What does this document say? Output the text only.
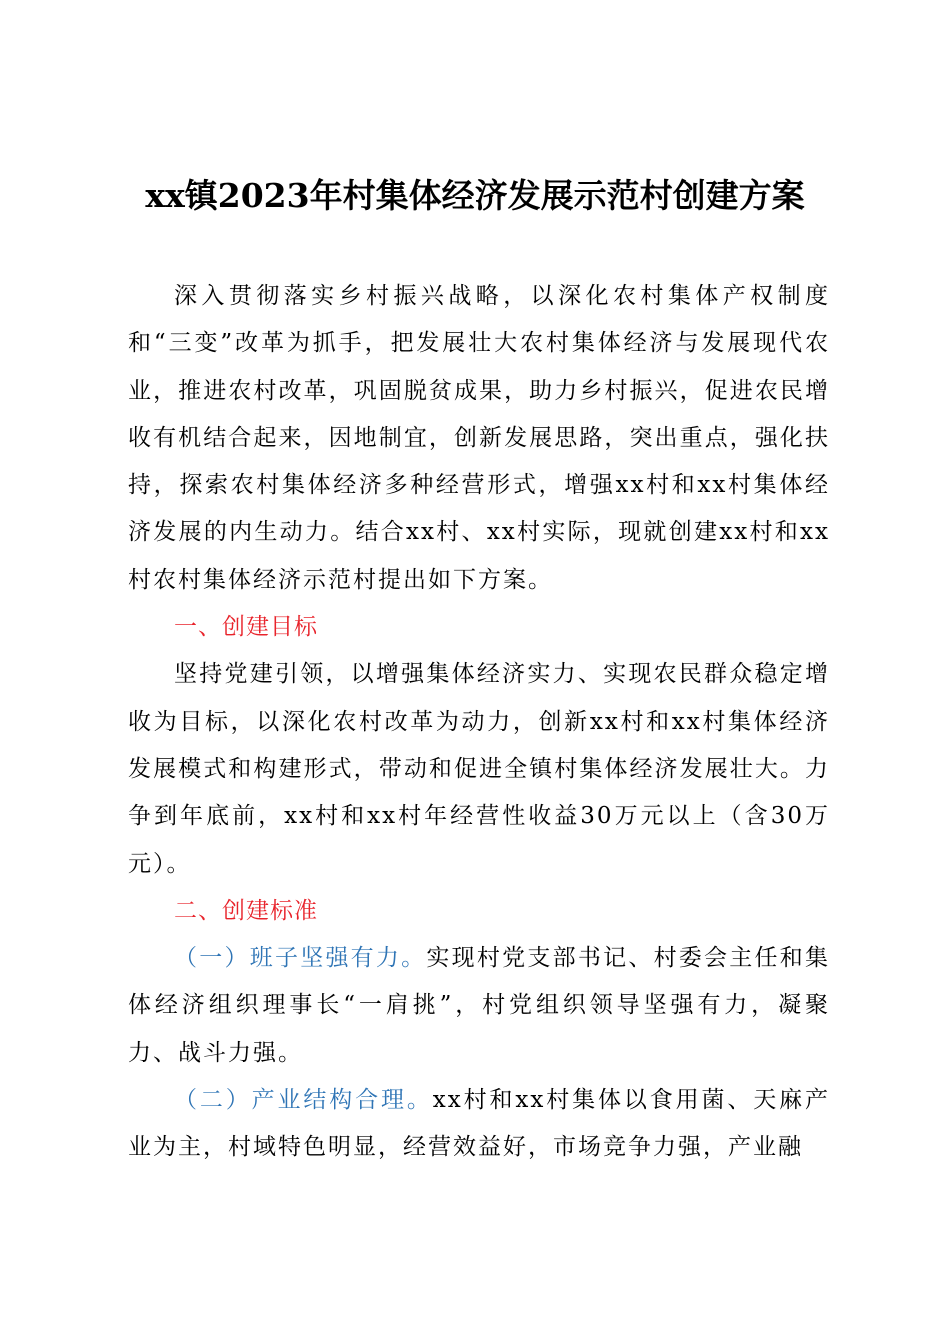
xx镇2023年村集体经济发展示范村创建方案

深入贯彻落实乡村振兴战略，以深化农村集体产权制度和“三变”改革为抓手，把发展壮大农村集体经济与发展现代农业，推进农村改革，巩固脱贫成果，助力乡村振兴，促进农民增收有机结合起来，因地制宜，创新发展思路，突出重点，强化扶持，探索农村集体经济多种经营形式，增强xx村和xx村集体经济发展的内生动力。结合xx村、xx村实际，现就创建xx村和xx村农村集体经济示范村提出如下方案。

一、创建目标

坚持党建引领，以增强集体经济实力、实现农民群众稳定增收为目标，以深化农村改革为动力，创新xx村和xx村集体经济发展模式和构建形式，带动和促进全镇村集体经济发展壮大。力争到年底前，xx村和xx村年经营性收益30万元以上（含30万元）。

二、创建标准

（一）班子坚强有力。实现村党支部书记、村委会主任和集体经济组织理事长“一肩挑”，村党组织领导坚强有力，凝聚力、战斗力强。

（二）产业结构合理。xx村和xx村集体以食用菌、天麻产业为主，村域特色明显，经营效益好，市场竞争力强，产业融
